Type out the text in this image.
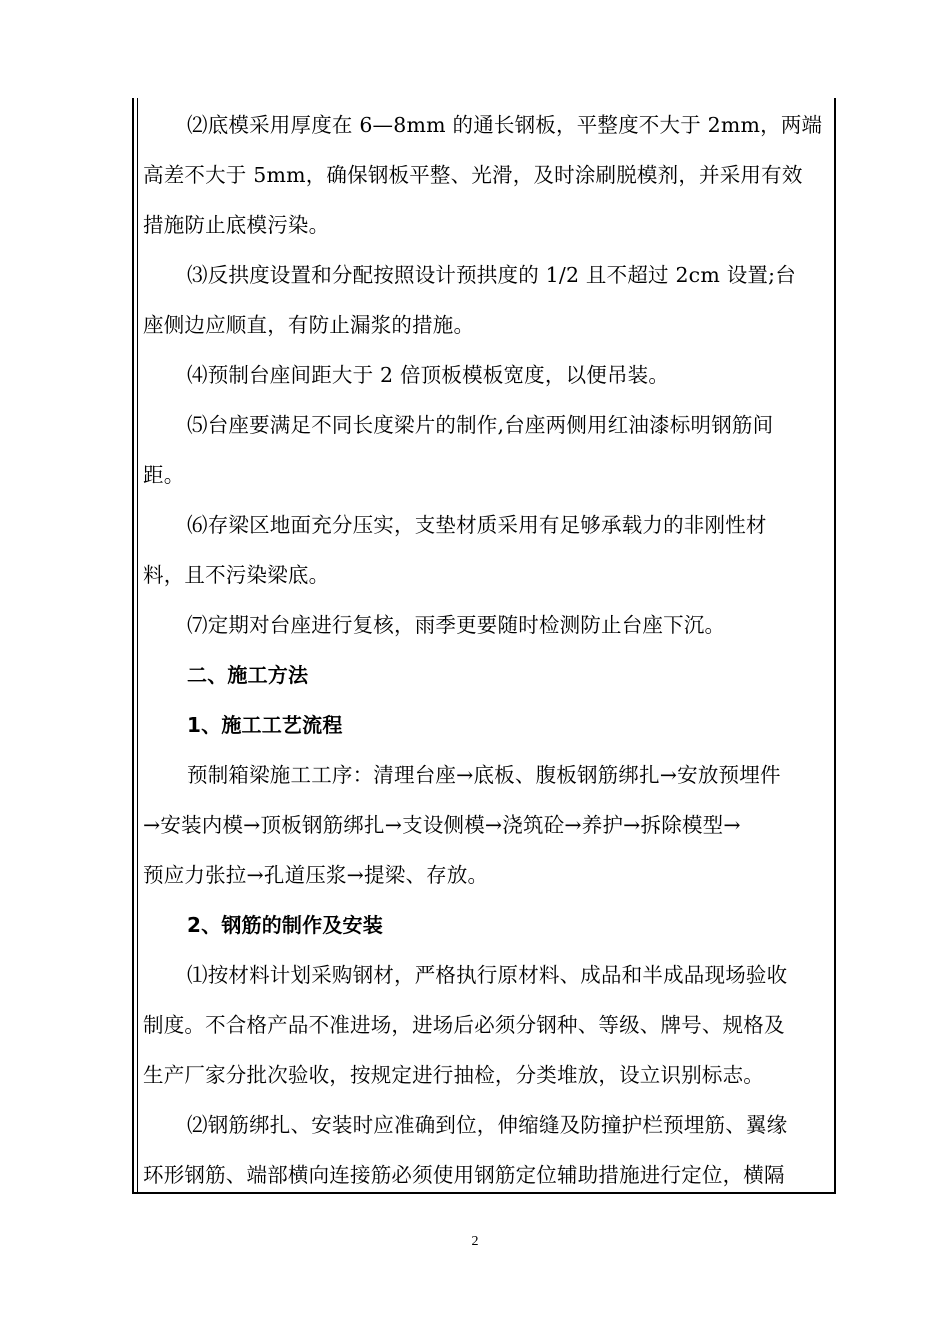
⑵底模采用厚度在 6—8mm 的通长钢板，平整度不大于 2mm，两端
高差不大于 5mm，确保钢板平整、光滑，及时涂刷脱模剂，并采用有效
措施防止底模污染。
⑶反拱度设置和分配按照设计预拱度的 1/2 且不超过 2cm 设置;台
座侧边应顺直，有防止漏浆的措施。
⑷预制台座间距大于 2 倍顶板模板宽度，以便吊装。
⑸台座要满足不同长度梁片的制作,台座两侧用红油漆标明钢筋间
距。
⑹存梁区地面充分压实，支垫材质采用有足够承载力的非刚性材
料，且不污染梁底。
⑺定期对台座进行复核，雨季更要随时检测防止台座下沉。
二、施工方法
1、施工工艺流程
预制箱梁施工工序：清理台座→底板、腹板钢筋绑扎→安放预埋件
→安装内模→顶板钢筋绑扎→支设侧模→浇筑砼→养护→拆除模型→
预应力张拉→孔道压浆→提梁、存放。
2、钢筋的制作及安装
⑴按材料计划采购钢材，严格执行原材料、成品和半成品现场验收
制度。不合格产品不准进场，进场后必须分钢种、等级、牌号、规格及
生产厂家分批次验收，按规定进行抽检，分类堆放，设立识别标志。
⑵钢筋绑扎、安装时应准确到位，伸缩缝及防撞护栏预埋筋、翼缘
环形钢筋、端部横向连接筋必须使用钢筋定位辅助措施进行定位，横隔
2
